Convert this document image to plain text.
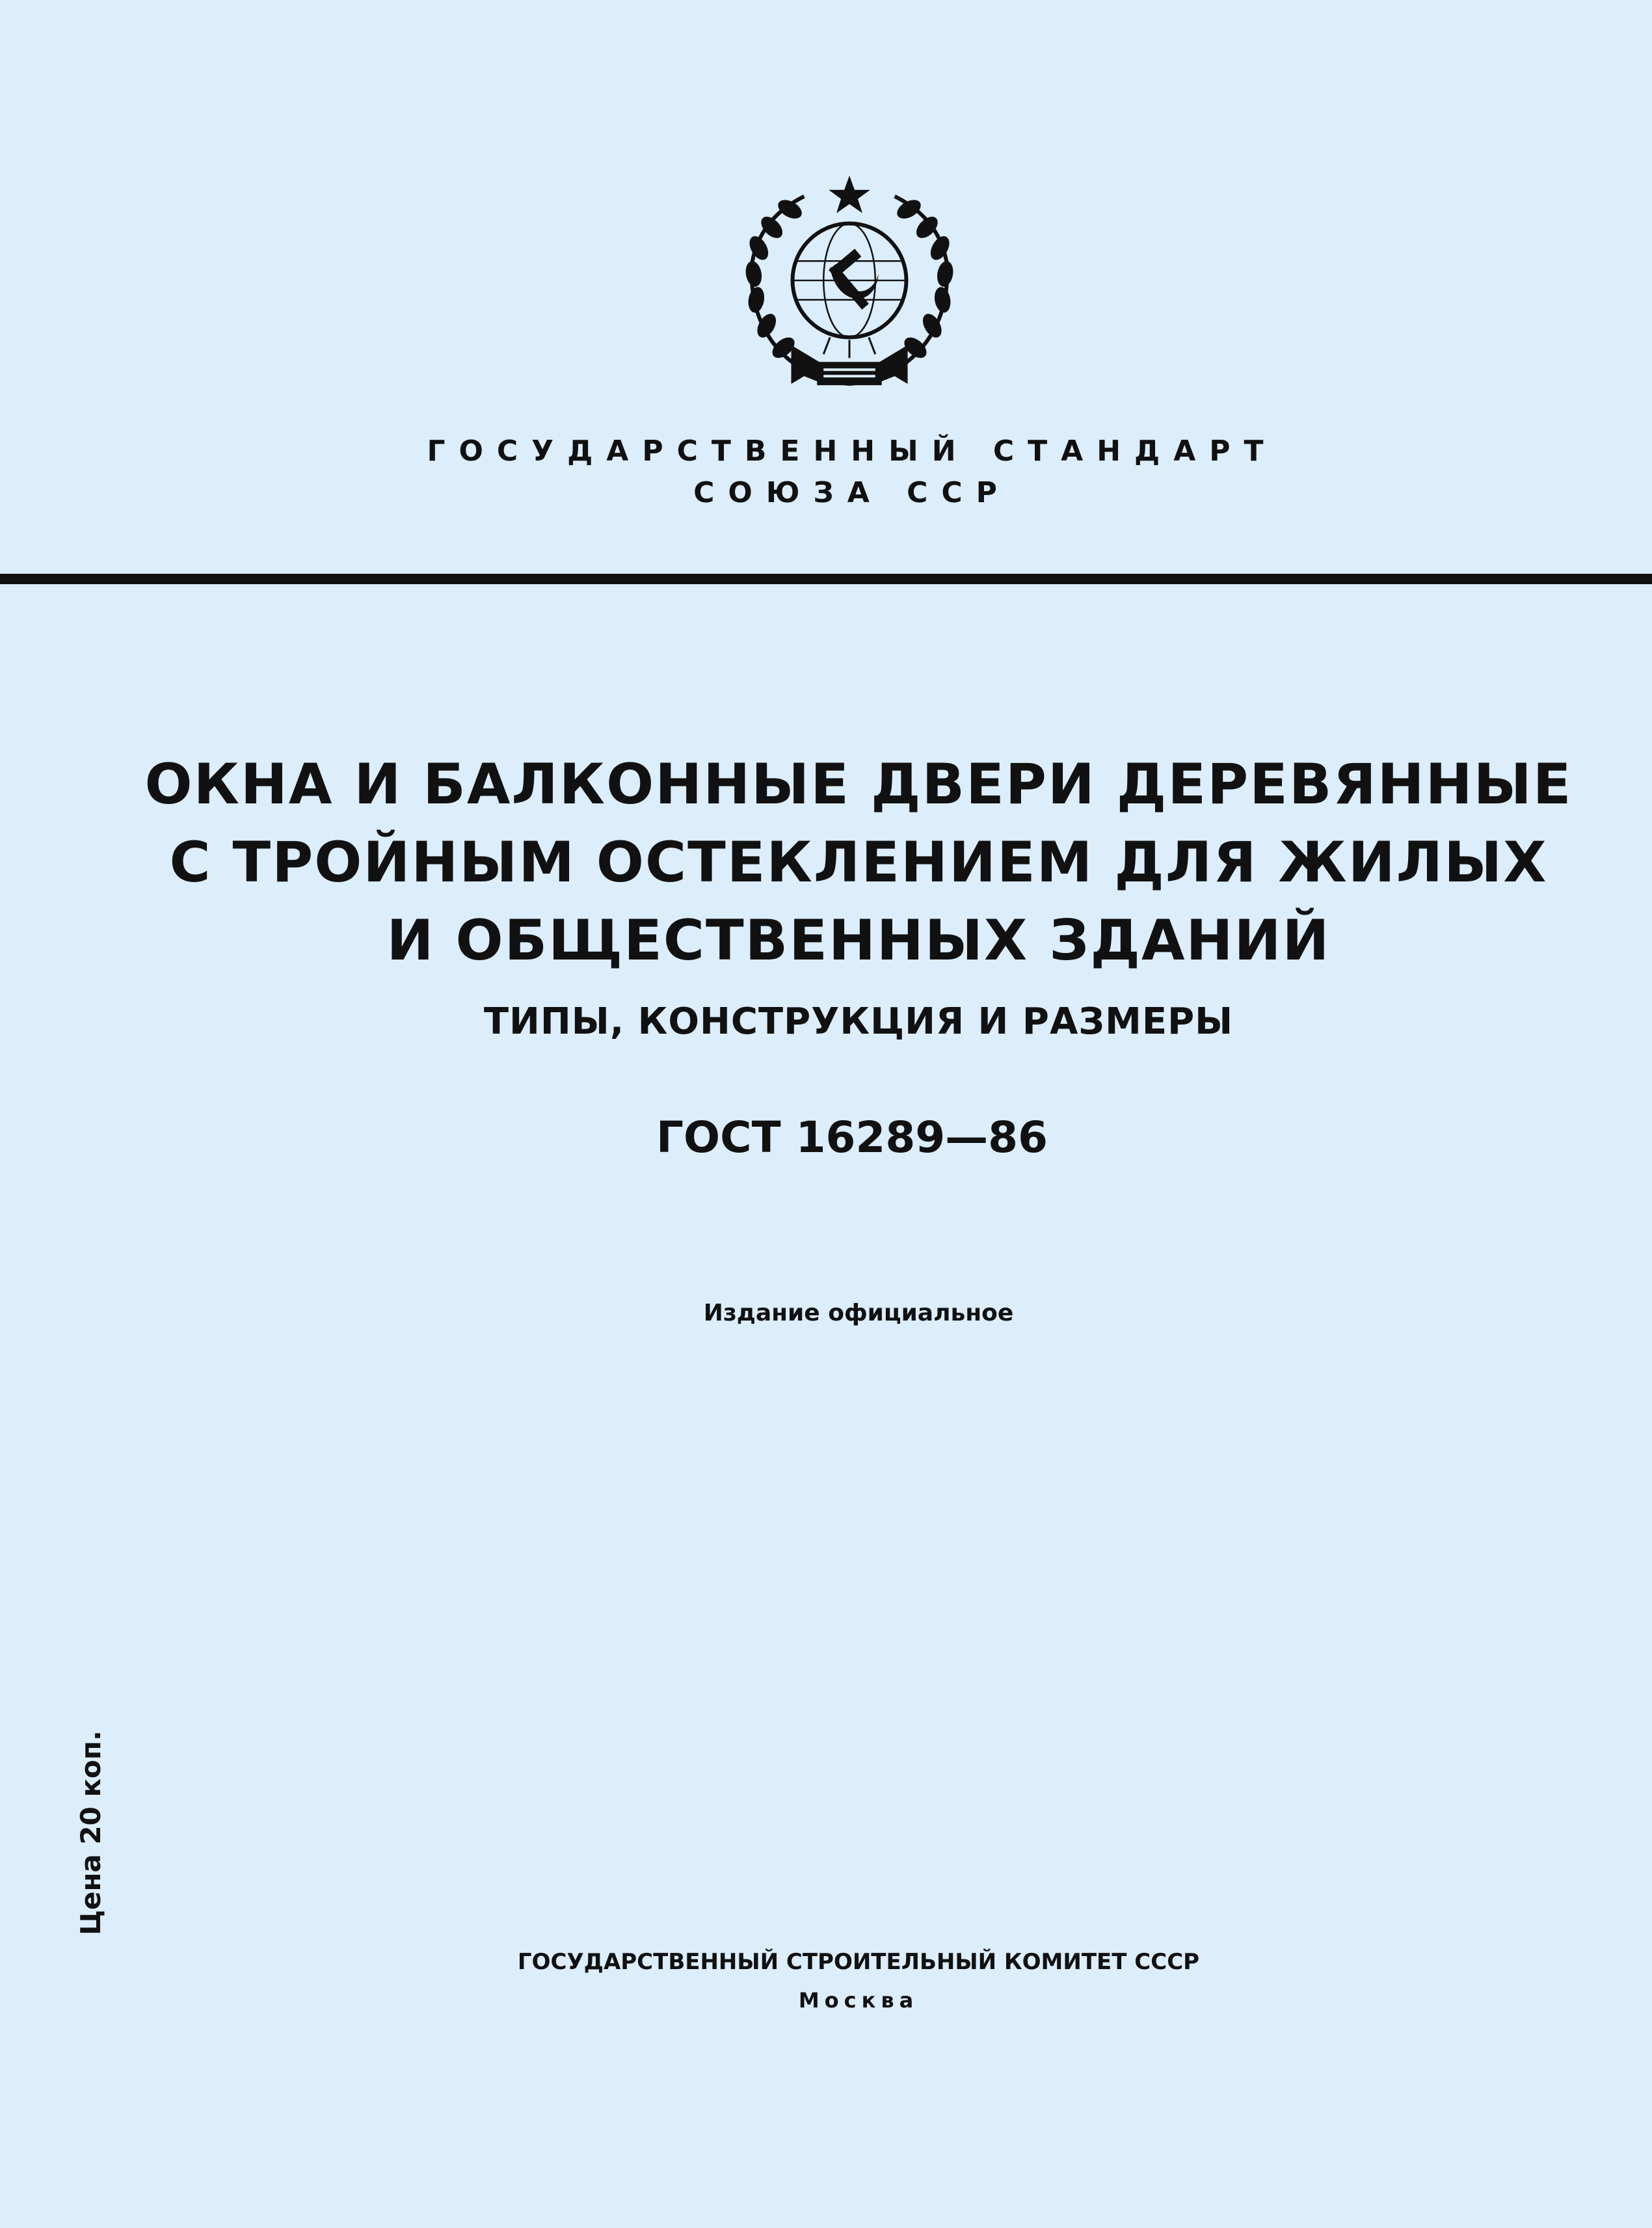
ГОСУДАРСТВЕННЫЙ СТАНДАРТ
СОЮЗА ССР
ОКНА И БАЛКОННЫЕ ДВЕРИ ДЕРЕВЯННЫЕ
С ТРОЙНЫМ ОСТЕКЛЕНИЕМ ДЛЯ ЖИЛЫХ
И ОБЩЕСТВЕННЫХ ЗДАНИЙ
ТИПЫ, КОНСТРУКЦИЯ И РАЗМЕРЫ
ГОСТ 16289—86
Издание официальное
Цена 20 коп.
ГОСУДАРСТВЕННЫЙ СТРОИТЕЛЬНЫЙ КОМИТЕТ СССР
Москва
